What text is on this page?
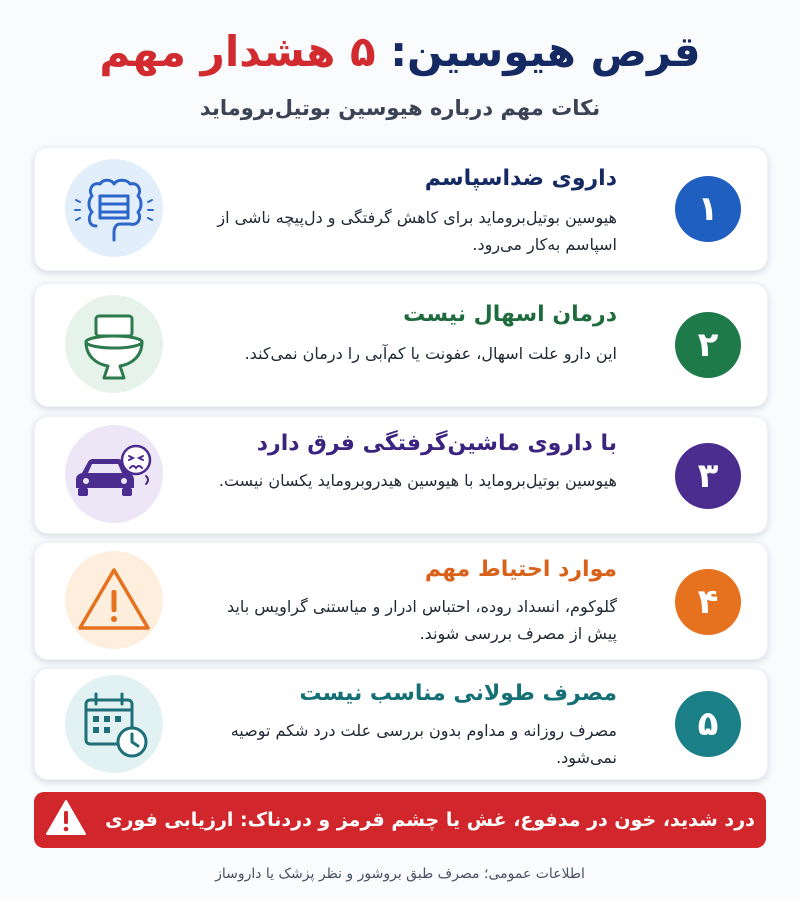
قرص هیوسین: ۵ هشدار مهم
نکات مهم درباره هیوسین بوتیل‌بروماید
۱
داروی ضداسپاسم
هیوسین بوتیل‌بروماید برای کاهش گرفتگی و دل‌پیچه ناشی از اسپاسم به‌کار می‌رود.
۲
درمان اسهال نیست
این دارو علت اسهال، عفونت یا کم‌آبی را درمان نمی‌کند.
۳
با داروی ماشین‌گرفتگی فرق دارد
هیوسین بوتیل‌بروماید با هیوسین هیدروبروماید یکسان نیست.
۴
موارد احتیاط مهم
گلوکوم، انسداد روده، احتباس ادرار و میاستنی گراویس باید پیش از مصرف بررسی شوند.
۵
مصرف طولانی مناسب نیست
مصرف روزانه و مداوم بدون بررسی علت درد شکم توصیه نمی‌شود.
درد شدید، خون در مدفوع، غش یا چشم قرمز و دردناک: ارزیابی فوری
اطلاعات عمومی؛ مصرف طبق بروشور و نظر پزشک یا داروساز
